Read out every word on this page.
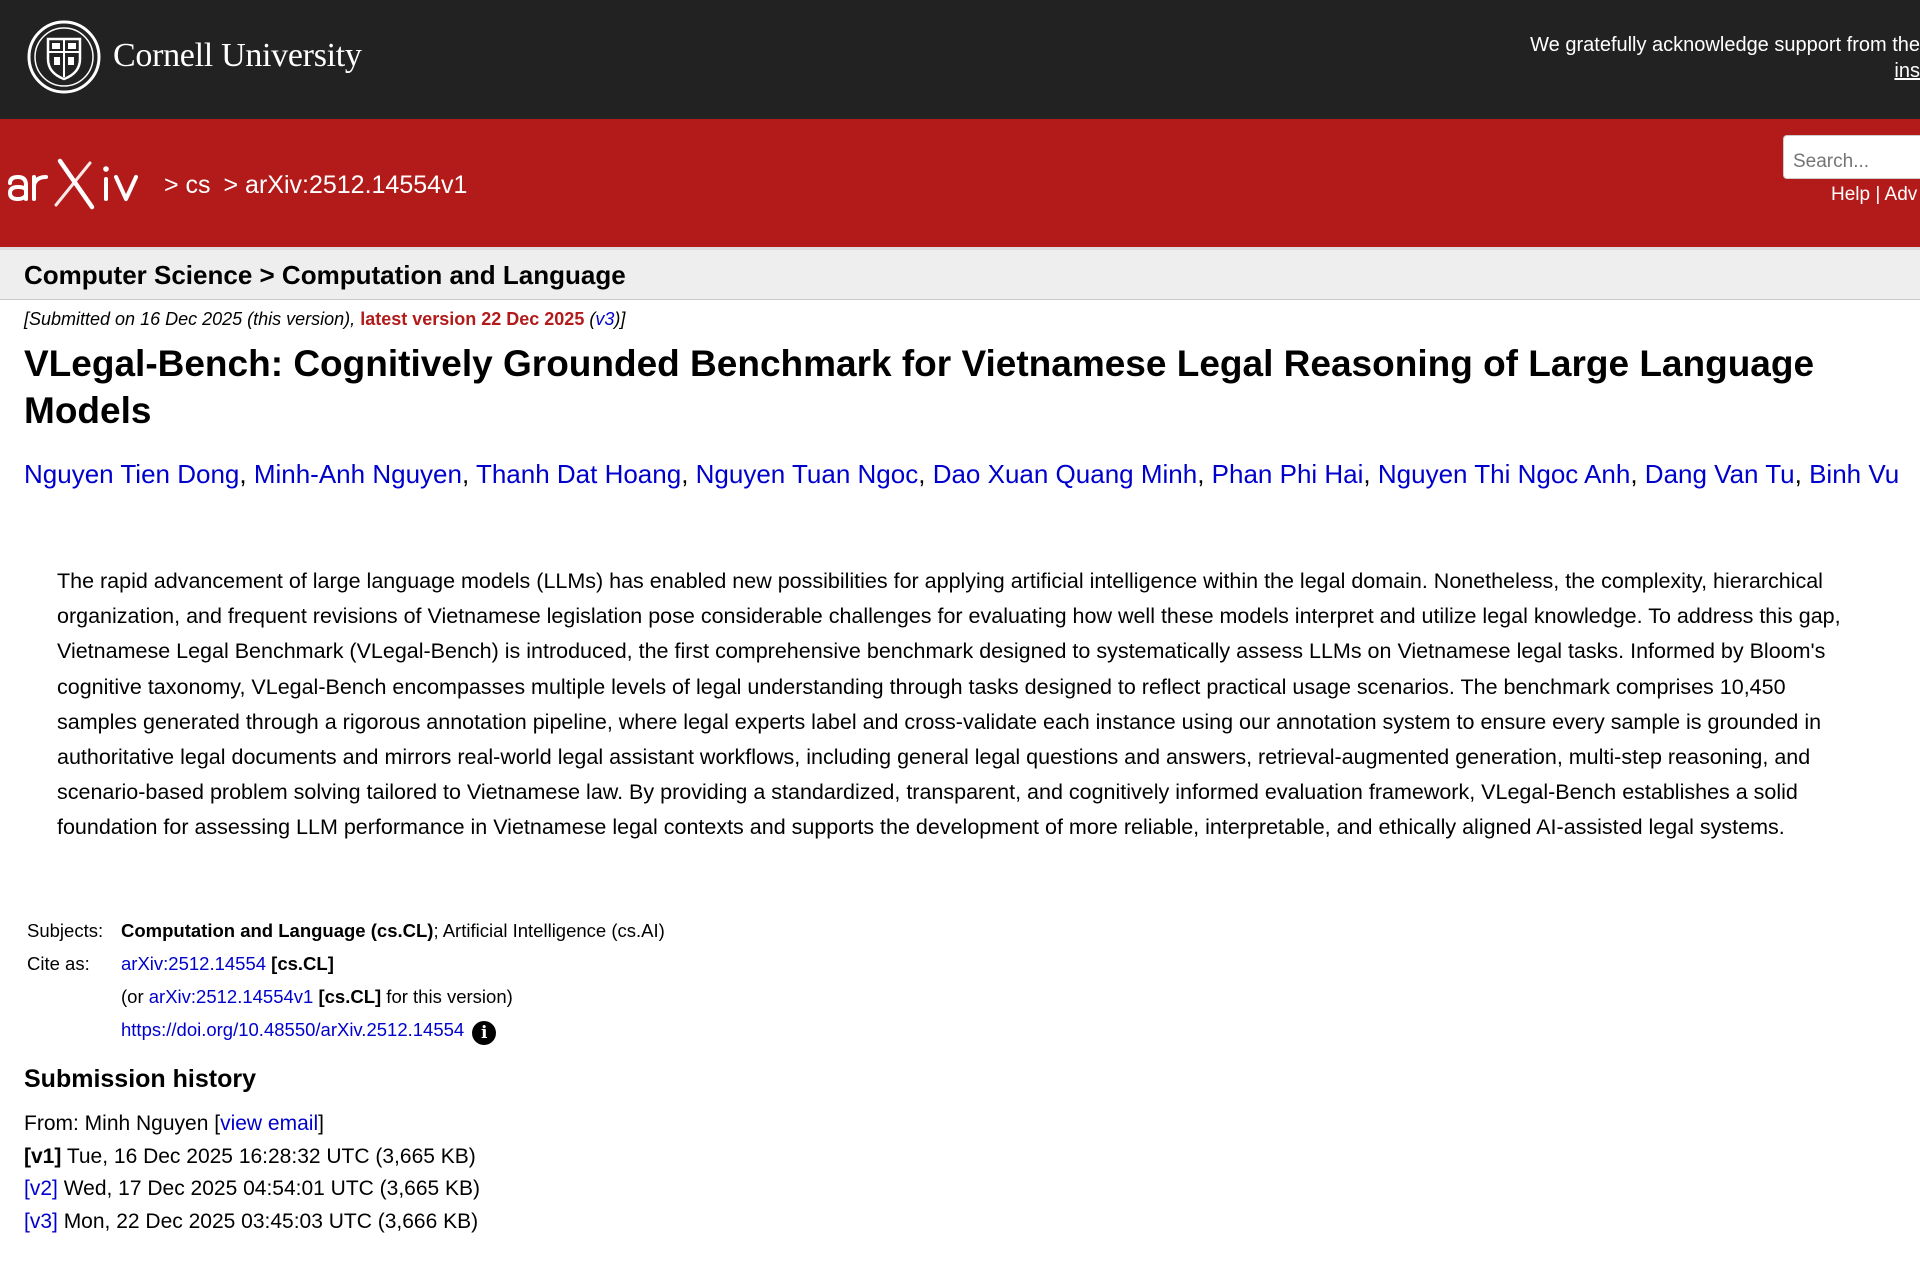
Cornell University	We gratefully acknowledge support from the
ins
> cs > arXiv:2512.14554v1
Search...	Help | Adv
Computer Science > Computation and Language
[Submitted on 16 Dec 2025 (this version), latest version 22 Dec 2025 (v3)]
VLegal-Bench: Cognitively Grounded Benchmark for Vietnamese Legal Reasoning of Large Language Models
Nguyen Tien Dong, Minh-Anh Nguyen, Thanh Dat Hoang, Nguyen Tuan Ngoc, Dao Xuan Quang Minh, Phan Phi Hai, Nguyen Thi Ngoc Anh, Dang Van Tu, Binh Vu

The rapid advancement of large language models (LLMs) has enabled new possibilities for applying artificial intelligence within the legal domain. Nonetheless, the complexity, hierarchical organization, and frequent revisions of Vietnamese legislation pose considerable challenges for evaluating how well these models interpret and utilize legal knowledge. To address this gap, Vietnamese Legal Benchmark (VLegal-Bench) is introduced, the first comprehensive benchmark designed to systematically assess LLMs on Vietnamese legal tasks. Informed by Bloom's cognitive taxonomy, VLegal-Bench encompasses multiple levels of legal understanding through tasks designed to reflect practical usage scenarios. The benchmark comprises 10,450 samples generated through a rigorous annotation pipeline, where legal experts label and cross-validate each instance using our annotation system to ensure every sample is grounded in authoritative legal documents and mirrors real-world legal assistant workflows, including general legal questions and answers, retrieval-augmented generation, multi-step reasoning, and scenario-based problem solving tailored to Vietnamese law. By providing a standardized, transparent, and cognitively informed evaluation framework, VLegal-Bench establishes a solid foundation for assessing LLM performance in Vietnamese legal contexts and supports the development of more reliable, interpretable, and ethically aligned AI-assisted legal systems.

Subjects:	Computation and Language (cs.CL); Artificial Intelligence (cs.AI)
Cite as:	arXiv:2512.14554 [cs.CL]
	(or arXiv:2512.14554v1 [cs.CL] for this version)
	https://doi.org/10.48550/arXiv.2512.14554 i
Submission history
From: Minh Nguyen [view email]
[v1] Tue, 16 Dec 2025 16:28:32 UTC (3,665 KB)
[v2] Wed, 17 Dec 2025 04:54:01 UTC (3,665 KB)
[v3] Mon, 22 Dec 2025 03:45:03 UTC (3,666 KB)
